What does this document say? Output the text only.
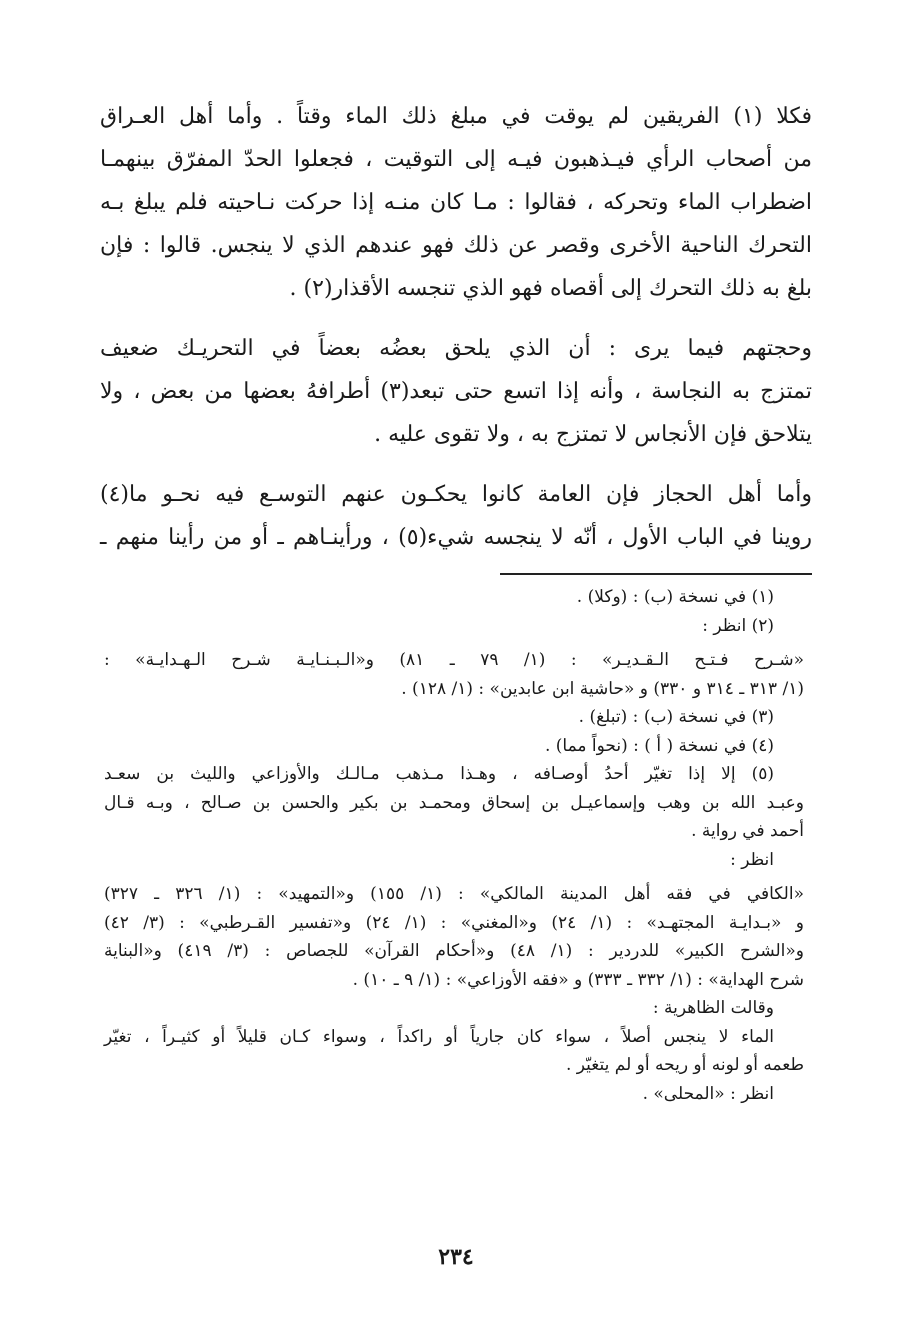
فكلا (١) الفريقين لم يوقت في مبلغ ذلك الماء وقتاً . وأما أهل العـراق
من أصحاب الرأي فيـذهبون فيـه إلى التوقيت ، فجعلوا الحدّ المفرّق بينهمـا
اضطراب الماء وتحركه ، فقالوا : مـا كان منـه إذا حركت نـاحيته فلم يبلغ بـه
التحرك الناحية الأخرى وقصر عن ذلك فهو عندهم الذي لا ينجس. قالوا : فإن
بلغ به ذلك التحرك إلى أقصاه فهو الذي تنجسه الأقذار(٢) .
وحجتهم فيما يرى : أن الذي يلحق بعضُه بعضاً في التحريـك ضعيف
تمتزج به النجاسة ، وأنه إذا اتسع حتى تبعد(٣) أطرافهُ بعضها من بعض ، ولا
يتلاحق فإن الأنجاس لا تمتزج به ، ولا تقوى عليه .
وأما أهل الحجاز فإن العامة كانوا يحكـون عنهم التوسـع فيه نحـو ما(٤)
روينا في الباب الأول ، أنّه لا ينجسه شيء(٥) ، ورأينـاهم ـ أو من رأينا منهم ـ
(١) في نسخة (ب) : (وكلا) .
(٢) انظر :
«شـرح فـتـح الـقـديـر» : (١/ ٧٩ ـ ٨١) و«الـبـنـايـة شـرح الـهـدايـة» :
(١/ ٣١٣ ـ ٣١٤ و ٣٣٠) و «حاشية ابن عابدين» : (١/ ١٢٨) .
(٣) في نسخة (ب) : (تبلغ) .
(٤) في نسخة ( أ ) : (نحواً مما) .
(٥) إلا إذا تغيّر أحدُ أوصـافه ، وهـذا مـذهب مـالـك والأوزاعي والليث بن سعـد
وعبـد الله بن وهب وإسماعيـل بن إسحاق ومحمـد بن بكير والحسن بن صـالح ، وبـه قـال
أحمد في رواية .
انظر :
«الكافي في فقه أهل المدينة المالكي» : (١/ ١٥٥) و«التمهيد» : (١/ ٣٢٦ ـ ٣٢٧)
و «بـدايـة المجتهـد» : (١/ ٢٤) و«المغني» : (١/ ٢٤) و«تفسير القـرطبي» : (٣/ ٤٢)
و«الشرح الكبير» للدردير : (١/ ٤٨) و«أحكام القرآن» للجصاص : (٣/ ٤١٩) و«البناية
شرح الهداية» : (١/ ٣٣٢ ـ ٣٣٣) و «فقه الأوزاعي» : (١/ ٩ ـ ١٠) .
وقالت الظاهرية :
الماء لا ينجس أصلاً ، سواء كان جارياً أو راكداً ، وسواء كـان قليلاً أو كثيـراً ، تغيّر
طعمه أو لونه أو ريحه أو لم يتغيّر .
انظر : «المحلى» .
٢٣٤
